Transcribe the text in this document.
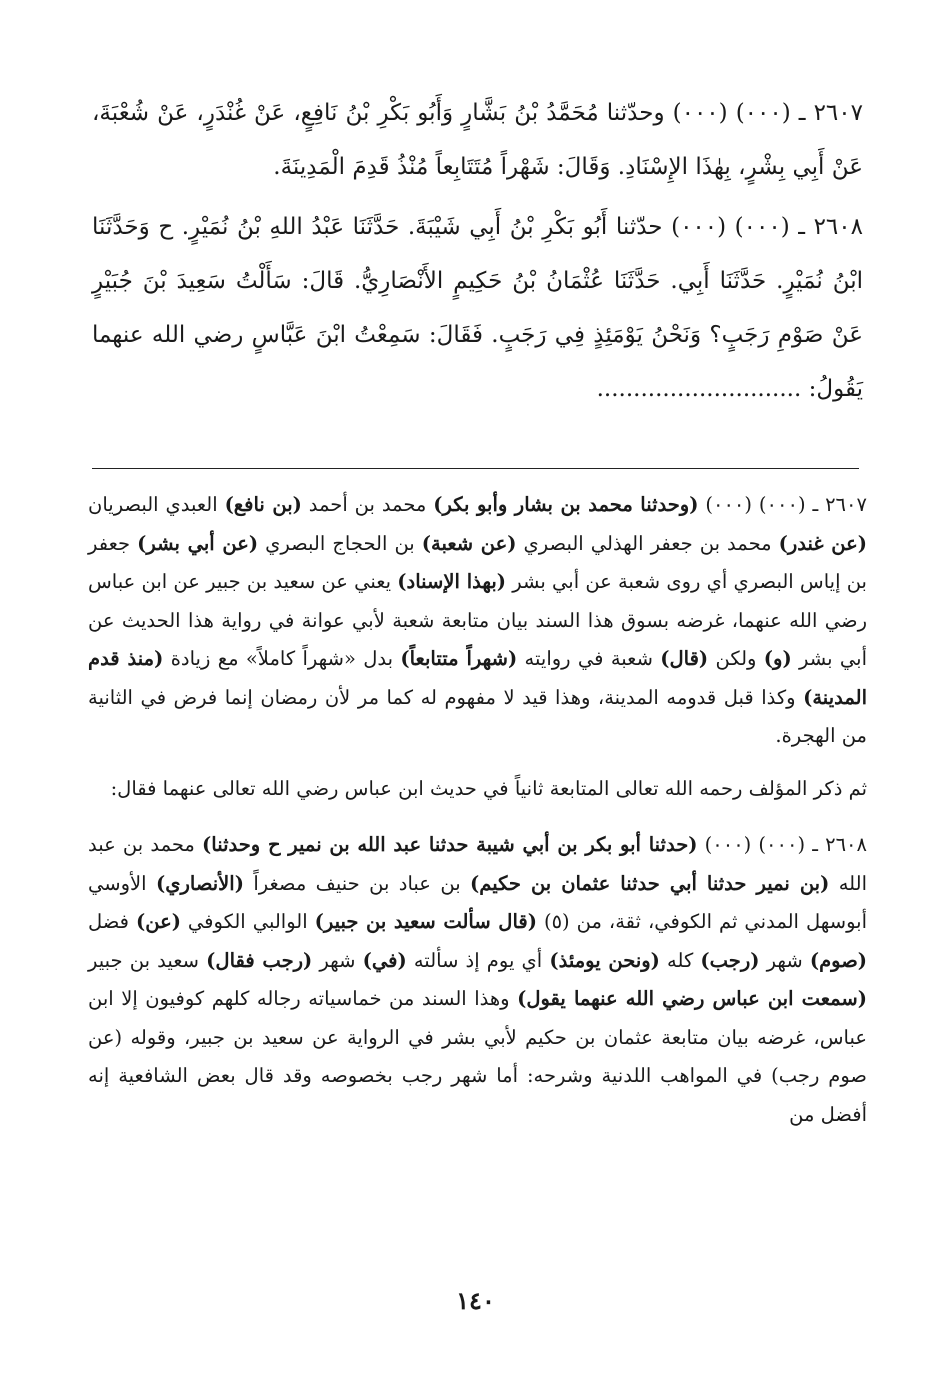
٢٦٠٧ ـ (٠٠٠) (٠٠٠) وحدّثنا مُحَمَّدُ بْنُ بَشَّارٍ وَأَبُو بَكْرِ بْنُ نَافِعٍ، عَنْ غُنْدَرٍ، عَنْ شُعْبَةَ، عَنْ أَبِي بِشْرٍ، بِهٰذَا الإِسْنَادِ. وَقَالَ: شَهْراً مُتَتَابِعاً مُنْذُ قَدِمَ الْمَدِينَةَ.

٢٦٠٨ ـ (٠٠٠) (٠٠٠) حدّثنا أَبُو بَكْرِ بْنُ أَبِي شَيْبَةَ. حَدَّثَنَا عَبْدُ اللهِ بْنُ نُمَيْرٍ. ح وَحَدَّثَنَا ابْنُ نُمَيْرٍ. حَدَّثَنَا أَبِي. حَدَّثَنَا عُثْمَانُ بْنُ حَكِيمٍ الأَنْصَارِيُّ. قَالَ: سَأَلْتُ سَعِيدَ بْنَ جُبَيْرٍ عَنْ صَوْمِ رَجَبٍ؟ وَنَحْنُ يَوْمَئِذٍ فِي رَجَبٍ. فَقَالَ: سَمِعْتُ ابْنَ عَبَّاسٍ رضي الله عنهما يَقُولُ: ............................

٢٦٠٧ ـ (٠٠٠) (٠٠٠) (وحدثنا محمد بن بشار وأبو بكر) محمد بن أحمد (بن نافع) العبدي البصريان (عن غندر) محمد بن جعفر الهذلي البصري (عن شعبة) بن الحجاج البصري (عن أبي بشر) جعفر بن إياس البصري أي روى شعبة عن أبي بشر (بهذا الإسناد) يعني عن سعيد بن جبير عن ابن عباس رضي الله عنهما، غرضه بسوق هذا السند بيان متابعة شعبة لأبي عوانة في رواية هذا الحديث عن أبي بشر (و) ولكن (قال) شعبة في روايته (شهراً متتابعاً) بدل «شهراً كاملاً» مع زيادة (منذ قدم المدينة) وكذا قبل قدومه المدينة، وهذا قيد لا مفهوم له كما مر لأن رمضان إنما فرض في الثانية من الهجرة.

ثم ذكر المؤلف رحمه الله تعالى المتابعة ثانياً في حديث ابن عباس رضي الله تعالى عنهما فقال:

٢٦٠٨ ـ (٠٠٠) (٠٠٠) (حدثنا أبو بكر بن أبي شيبة حدثنا عبد الله بن نمير ح وحدثنا) محمد بن عبد الله (بن نمير حدثنا أبي حدثنا عثمان بن حكيم) بن عباد بن حنيف مصغراً (الأنصاري) الأوسي أبوسهل المدني ثم الكوفي، ثقة، من (٥) (قال سألت سعيد بن جبير) الوالبي الكوفي (عن) فضل (صوم) شهر (رجب) كله (ونحن يومئذ) أي يوم إذ سألته (في) شهر (رجب فقال) سعيد بن جبير (سمعت ابن عباس رضي الله عنهما يقول) وهذا السند من خماسياته رجاله كلهم كوفيون إلا ابن عباس، غرضه بيان متابعة عثمان بن حكيم لأبي بشر في الرواية عن سعيد بن جبير، وقوله (عن صوم رجب) في المواهب اللدنية وشرحه: أما شهر رجب بخصوصه وقد قال بعض الشافعية إنه أفضل من

١٤٠
